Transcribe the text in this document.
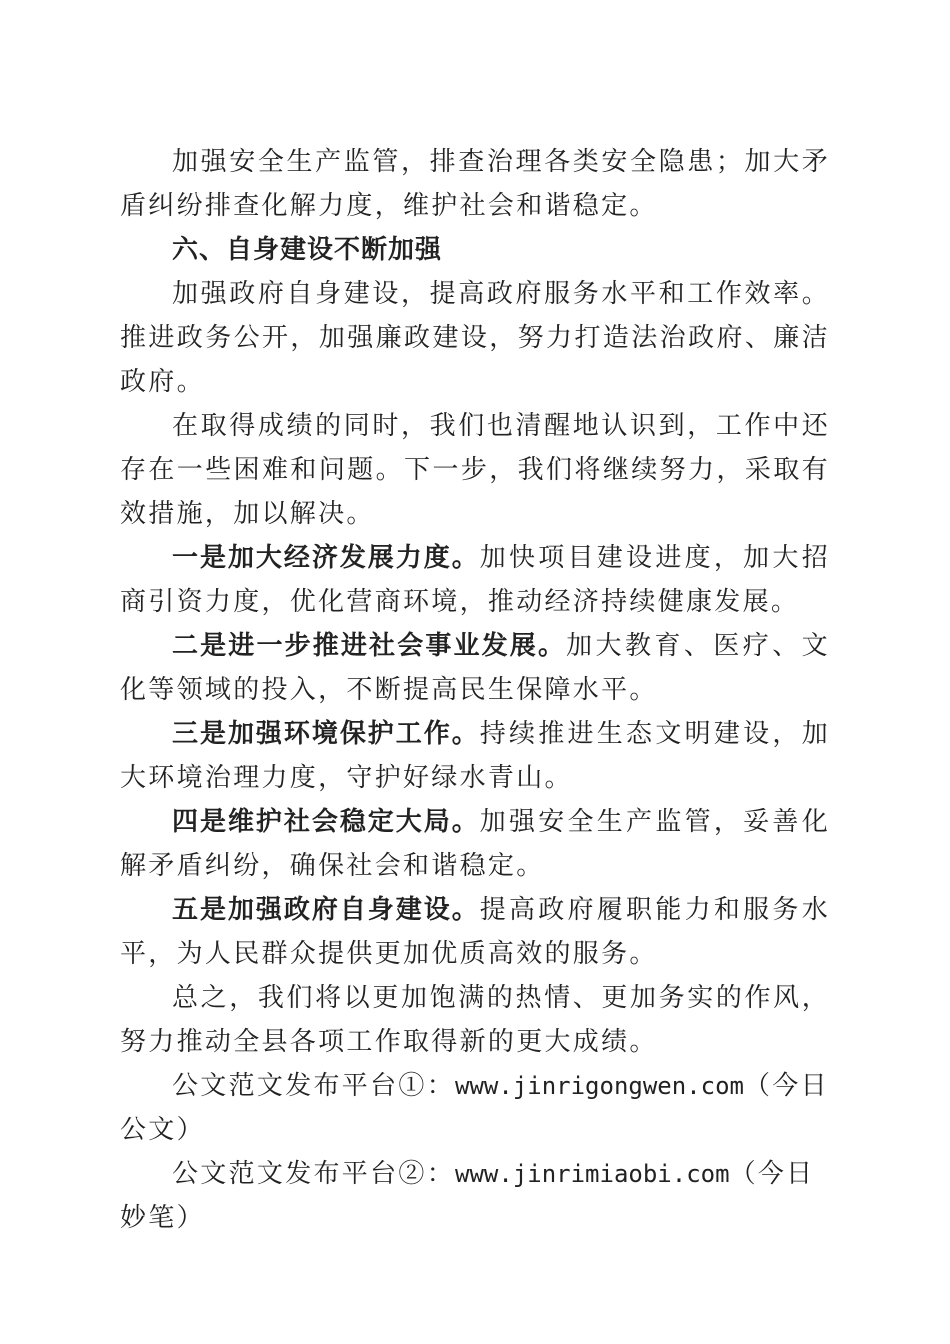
加强安全生产监管，排查治理各类安全隐患；加大矛盾纠纷排查化解力度，维护社会和谐稳定。

六、自身建设不断加强

加强政府自身建设，提高政府服务水平和工作效率。推进政务公开，加强廉政建设，努力打造法治政府、廉洁政府。

在取得成绩的同时，我们也清醒地认识到，工作中还存在一些困难和问题。下一步，我们将继续努力，采取有效措施，加以解决。

一是加大经济发展力度。加快项目建设进度，加大招商引资力度，优化营商环境，推动经济持续健康发展。

二是进一步推进社会事业发展。加大教育、医疗、文化等领域的投入，不断提高民生保障水平。

三是加强环境保护工作。持续推进生态文明建设，加大环境治理力度，守护好绿水青山。

四是维护社会稳定大局。加强安全生产监管，妥善化解矛盾纠纷，确保社会和谐稳定。

五是加强政府自身建设。提高政府履职能力和服务水平，为人民群众提供更加优质高效的服务。

总之，我们将以更加饱满的热情、更加务实的作风，努力推动全县各项工作取得新的更大成绩。

公文范文发布平台①：www.jinrigongwen.com（今日公文）

公文范文发布平台②：www.jinrimiaobi.com（今日妙笔）
